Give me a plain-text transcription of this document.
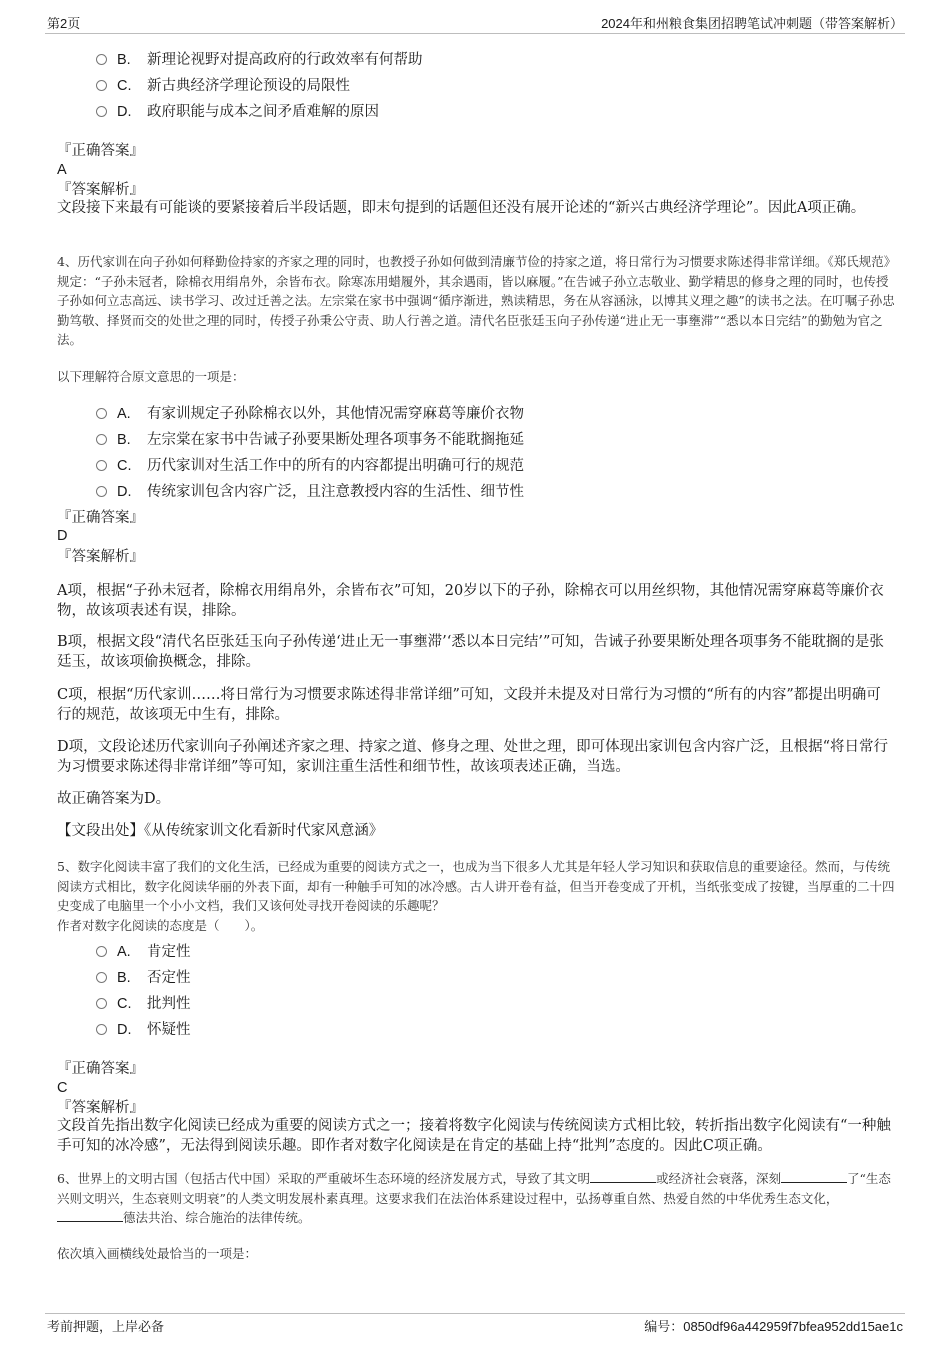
第2页	2024年和州粮食集团招聘笔试冲刺题（带答案解析）
B. 新理论视野对提高政府的行政效率有何帮助
C. 新古典经济学理论预设的局限性
D. 政府职能与成本之间矛盾难解的原因
『正确答案』
A
『答案解析』
文段接下来最有可能谈的要紧接着后半段话题，即末句提到的话题但还没有展开论述的“新兴古典经济学理论”。因此A项正确。
4、历代家训在向子孙如何释勤俭持家的齐家之理的同时，也教授子孙如何做到清廉节俭的持家之道，将日常行为习惯要求陈述得非常详细。《郑氏规范》规定：“子孙未冠者，除棉衣用绢帛外，余皆布衣。除寒冻用蜡履外，其余遇雨，皆以麻履。”在告诫子孙立志敬业、勤学精思的修身之理的同时，也传授子孙如何立志高远、读书学习、改过迁善之法。左宗棠在家书中强调“循序渐进，熟读精思，务在从容涵泳，以博其义理之趣”的读书之法。在叮嘱子孙忠勤笃敬、择贤而交的处世之理的同时，传授子孙秉公守责、助人行善之道。清代名臣张廷玉向子孙传递“进止无一事壅滞”“悉以本日完结”的勤勉为官之法。
以下理解符合原文意思的一项是：
A. 有家训规定子孙除棉衣以外，其他情况需穿麻葛等廉价衣物
B. 左宗棠在家书中告诫子孙要果断处理各项事务不能耽搁拖延
C. 历代家训对生活工作中的所有的内容都提出明确可行的规范
D. 传统家训包含内容广泛，且注意教授内容的生活性、细节性
『正确答案』
D
『答案解析』
A项，根据“子孙未冠者，除棉衣用绢帛外，余皆布衣”可知，20岁以下的子孙，除棉衣可以用丝织物，其他情况需穿麻葛等廉价衣物，故该项表述有误，排除。
B项，根据文段“清代名臣张廷玉向子孙传递‘进止无一事壅滞’‘悉以本日完结’”可知，告诫子孙要果断处理各项事务不能耽搁的是张廷玉，故该项偷换概念，排除。
C项，根据“历代家训……将日常行为习惯要求陈述得非常详细”可知，文段并未提及对日常行为习惯的“所有的内容”都提出明确可行的规范，故该项无中生有，排除。
D项，文段论述历代家训向子孙阐述齐家之理、持家之道、修身之理、处世之理，即可体现出家训包含内容广泛，且根据“将日常行为习惯要求陈述得非常详细”等可知，家训注重生活性和细节性，故该项表述正确，当选。
故正确答案为D。
【文段出处】《从传统家训文化看新时代家风意涵》
5、数字化阅读丰富了我们的文化生活，已经成为重要的阅读方式之一，也成为当下很多人尤其是年轻人学习知识和获取信息的重要途径。然而，与传统阅读方式相比，数字化阅读华丽的外表下面，却有一种触手可知的冰冷感。古人讲开卷有益，但当开卷变成了开机，当纸张变成了按键，当厚重的二十四史变成了电脑里一个小小文档，我们又该何处寻找开卷阅读的乐趣呢？
作者对数字化阅读的态度是（　　）。
A. 肯定性
B. 否定性
C. 批判性
D. 怀疑性
『正确答案』
C
『答案解析』
文段首先指出数字化阅读已经成为重要的阅读方式之一；接着将数字化阅读与传统阅读方式相比较，转折指出数字化阅读有“一种触手可知的冰冷感”，无法得到阅读乐趣。即作者对数字化阅读是在肯定的基础上持“批判”态度的。因此C项正确。
6、世界上的文明古国（包括古代中国）采取的严重破坏生态环境的经济发展方式，导致了其文明	或经济社会衰落，深刻	了“生态兴则文明兴，生态衰则文明衰”的人类文明发展朴素真理。这要求我们在法治体系建设过程中，弘扬尊重自然、热爱自然的中华优秀生态文化，德法共治、综合施治的法律传统。
依次填入画横线处最恰当的一项是：
考前押题，上岸必备	编号：0850df96a442959f7bfea952dd15ae1c
